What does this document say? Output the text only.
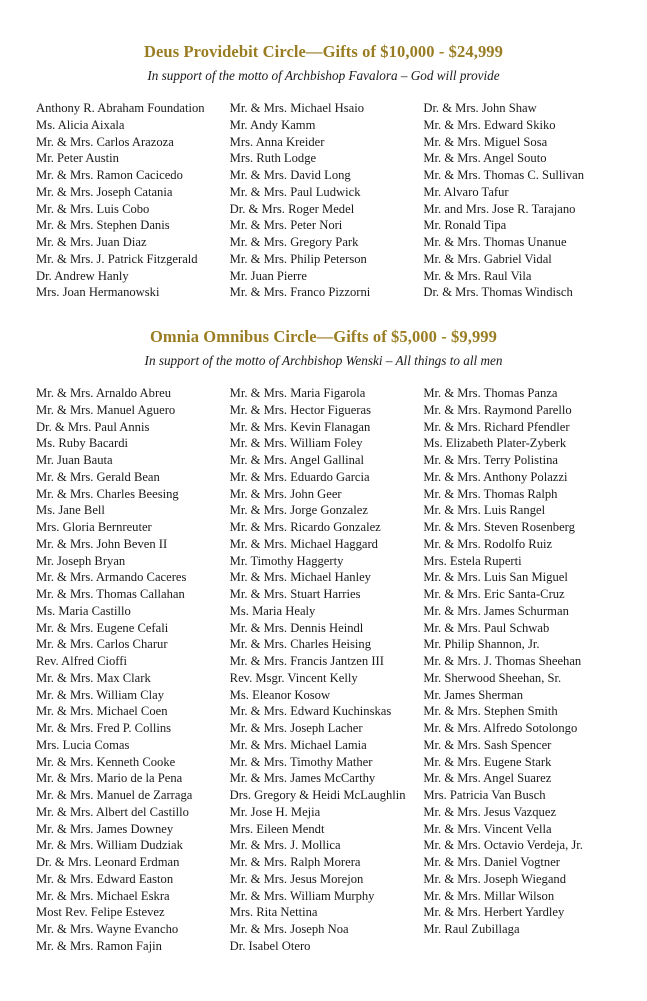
Deus Providebit Circle—Gifts of $10,000 - $24,999
In support of the motto of Archbishop Favalora – God will provide
Anthony R. Abraham Foundation
Ms. Alicia Aixala
Mr. & Mrs. Carlos Arazoza
Mr. Peter Austin
Mr. & Mrs. Ramon Cacicedo
Mr. & Mrs. Joseph Catania
Mr. & Mrs. Luis Cobo
Mr. & Mrs. Stephen Danis
Mr. & Mrs. Juan Diaz
Mr. & Mrs. J. Patrick Fitzgerald
Dr. Andrew Hanly
Mrs. Joan Hermanowski
Mr. & Mrs. Michael Hsaio
Mr. Andy Kamm
Mrs. Anna Kreider
Mrs. Ruth Lodge
Mr. & Mrs. David Long
Mr. & Mrs. Paul Ludwick
Dr. & Mrs. Roger Medel
Mr. & Mrs. Peter Nori
Mr. & Mrs. Gregory Park
Mr. & Mrs. Philip Peterson
Mr. Juan Pierre
Mr. & Mrs. Franco Pizzorni
Dr. & Mrs. John Shaw
Mr. & Mrs. Edward Skiko
Mr. & Mrs. Miguel Sosa
Mr. & Mrs. Angel Souto
Mr. & Mrs. Thomas C. Sullivan
Mr. Alvaro Tafur
Mr. and Mrs. Jose R. Tarajano
Mr. Ronald Tipa
Mr. & Mrs. Thomas Unanue
Mr. & Mrs. Gabriel Vidal
Mr. & Mrs. Raul Vila
Dr. & Mrs. Thomas Windisch
Omnia Omnibus Circle—Gifts of $5,000 - $9,999
In support of the motto of Archbishop Wenski – All things to all men
Mr. & Mrs. Arnaldo Abreu
Mr. & Mrs. Manuel Aguero
Dr. & Mrs. Paul Annis
Ms. Ruby Bacardi
Mr. Juan Bauta
Mr. & Mrs. Gerald Bean
Mr. & Mrs. Charles Beesing
Ms. Jane Bell
Mrs. Gloria Bernreuter
Mr. & Mrs. John Beven II
Mr. Joseph Bryan
Mr. & Mrs. Armando Caceres
Mr. & Mrs. Thomas Callahan
Ms. Maria Castillo
Mr. & Mrs. Eugene Cefali
Mr. & Mrs. Carlos Charur
Rev. Alfred Cioffi
Mr. & Mrs. Max Clark
Mr. & Mrs. William Clay
Mr. & Mrs. Michael Coen
Mr. & Mrs. Fred P. Collins
Mrs. Lucia Comas
Mr. & Mrs. Kenneth Cooke
Mr. & Mrs. Mario de la Pena
Mr. & Mrs. Manuel de Zarraga
Mr. & Mrs. Albert del Castillo
Mr. & Mrs. James Downey
Mr. & Mrs. William Dudziak
Dr. & Mrs. Leonard Erdman
Mr. & Mrs. Edward Easton
Mr. & Mrs. Michael Eskra
Most Rev. Felipe Estevez
Mr. & Mrs. Wayne Evancho
Mr. & Mrs. Ramon Fajin
Mr. & Mrs. Maria Figarola
Mr. & Mrs. Hector Figueras
Mr. & Mrs. Kevin Flanagan
Mr. & Mrs. William Foley
Mr. & Mrs. Angel Gallinal
Mr. & Mrs. Eduardo Garcia
Mr. & Mrs. John Geer
Mr. & Mrs. Jorge Gonzalez
Mr. & Mrs. Ricardo Gonzalez
Mr. & Mrs. Michael Haggard
Mr. Timothy Haggerty
Mr. & Mrs. Michael Hanley
Mr. & Mrs. Stuart Harries
Ms. Maria Healy
Mr. & Mrs. Dennis Heindl
Mr. & Mrs. Charles Heising
Mr. & Mrs. Francis Jantzen III
Rev. Msgr. Vincent Kelly
Ms. Eleanor Kosow
Mr. & Mrs. Edward Kuchinskas
Mr. & Mrs. Joseph Lacher
Mr. & Mrs. Michael Lamia
Mr. & Mrs. Timothy Mather
Mr. & Mrs. James McCarthy
Drs. Gregory & Heidi McLaughlin
Mr. Jose H. Mejia
Mrs. Eileen Mendt
Mr. & Mrs. J. Mollica
Mr. & Mrs. Ralph Morera
Mr. & Mrs. Jesus Morejon
Mr. & Mrs. William Murphy
Mrs. Rita Nettina
Mr. & Mrs. Joseph Noa
Dr. Isabel Otero
Mr. & Mrs. Thomas Panza
Mr. & Mrs. Raymond Parello
Mr. & Mrs. Richard Pfendler
Ms. Elizabeth Plater-Zyberk
Mr. & Mrs. Terry Polistina
Mr. & Mrs. Anthony Polazzi
Mr. & Mrs. Thomas Ralph
Mr. & Mrs. Luis Rangel
Mr. & Mrs. Steven Rosenberg
Mr. & Mrs. Rodolfo Ruiz
Mrs. Estela Ruperti
Mr. & Mrs. Luis San Miguel
Mr. & Mrs. Eric Santa-Cruz
Mr. & Mrs. James Schurman
Mr. & Mrs. Paul Schwab
Mr. Philip Shannon, Jr.
Mr. & Mrs. J. Thomas Sheehan
Mr. Sherwood Sheehan, Sr.
Mr. James Sherman
Mr. & Mrs. Stephen Smith
Mr. & Mrs. Alfredo Sotolongo
Mr. & Mrs. Sash Spencer
Mr. & Mrs. Eugene Stark
Mr. & Mrs. Angel Suarez
Mrs. Patricia Van Busch
Mr. & Mrs. Jesus Vazquez
Mr. & Mrs. Vincent Vella
Mr. & Mrs. Octavio Verdeja, Jr.
Mr. & Mrs. Daniel Vogtner
Mr. & Mrs. Joseph Wiegand
Mr. & Mrs. Millar Wilson
Mr. & Mrs. Herbert Yardley
Mr. Raul Zubillaga
